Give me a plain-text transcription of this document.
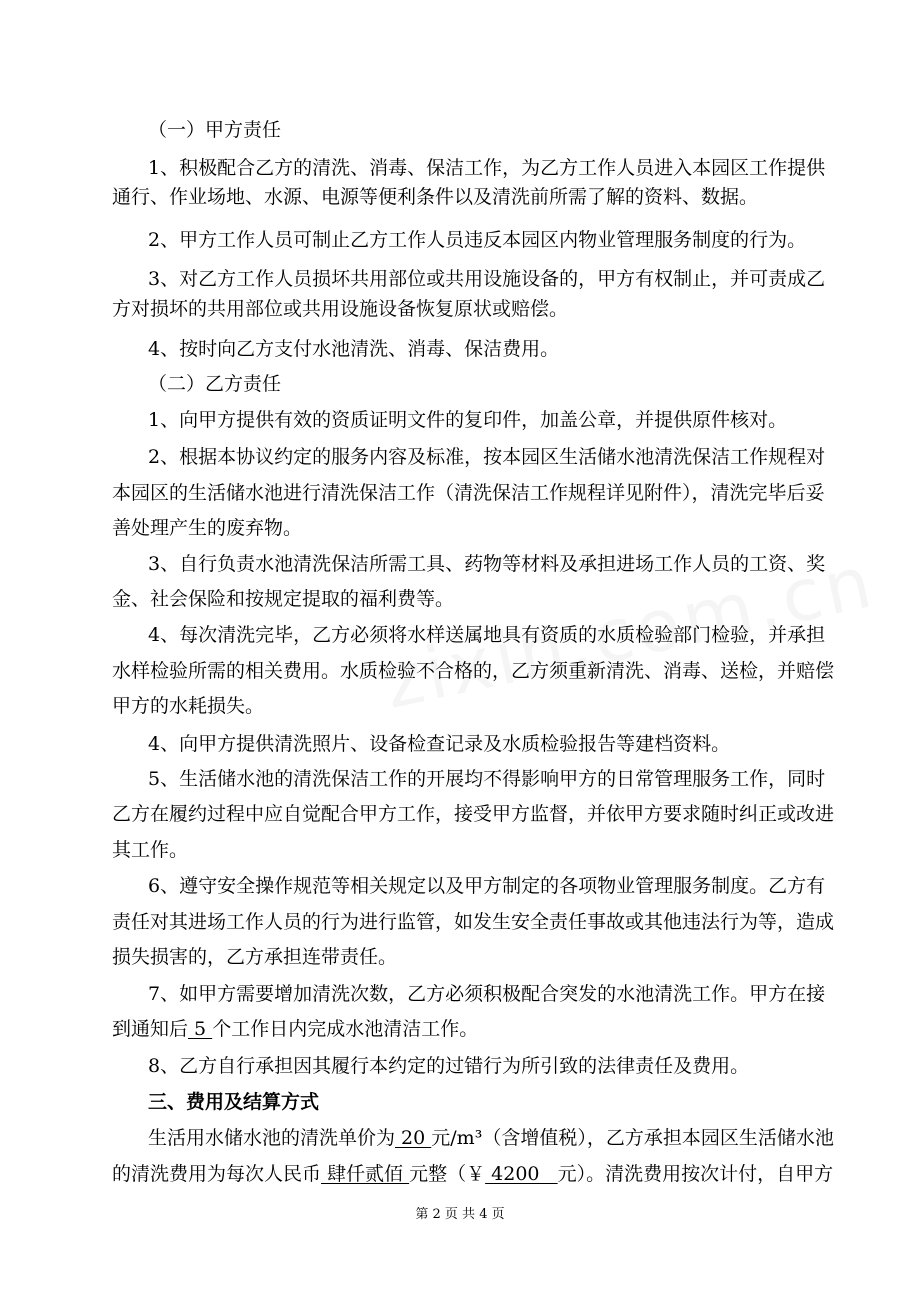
（一）甲方责任

1、积极配合乙方的清洗、消毒、保洁工作，为乙方工作人员进入本园区工作提供

通行、作业场地、水源、电源等便利条件以及清洗前所需了解的资料、数据。

2、甲方工作人员可制止乙方工作人员违反本园区内物业管理服务制度的行为。

3、对乙方工作人员损坏共用部位或共用设施设备的，甲方有权制止，并可责成乙

方对损坏的共用部位或共用设施设备恢复原状或赔偿。

4、按时向乙方支付水池清洗、消毒、保洁费用。

（二）乙方责任

1、向甲方提供有效的资质证明文件的复印件，加盖公章，并提供原件核对。

2、根据本协议约定的服务内容及标准，按本园区生活储水池清洗保洁工作规程对

本园区的生活储水池进行清洗保洁工作（清洗保洁工作规程详见附件），清洗完毕后妥

善处理产生的废弃物。

3、自行负责水池清洗保洁所需工具、药物等材料及承担进场工作人员的工资、奖

金、社会保险和按规定提取的福利费等。

4、每次清洗完毕，乙方必须将水样送属地具有资质的水质检验部门检验，并承担

水样检验所需的相关费用。水质检验不合格的，乙方须重新清洗、消毒、送检，并赔偿

甲方的水耗损失。

4、向甲方提供清洗照片、设备检查记录及水质检验报告等建档资料。

5、生活储水池的清洗保洁工作的开展均不得影响甲方的日常管理服务工作，同时

乙方在履约过程中应自觉配合甲方工作，接受甲方监督，并依甲方要求随时纠正或改进

其工作。

6、遵守安全操作规范等相关规定以及甲方制定的各项物业管理服务制度。乙方有

责任对其进场工作人员的行为进行监管，如发生安全责任事故或其他违法行为等，造成

损失损害的，乙方承担连带责任。

7、如甲方需要增加清洗次数，乙方必须积极配合突发的水池清洗工作。甲方在接

到通知后 5 个工作日内完成水池清洁工作。

8、乙方自行承担因其履行本约定的过错行为所引致的法律责任及费用。

三、费用及结算方式

生活用水储水池的清洗单价为 20 元/m³（含增值税），乙方承担本园区生活储水池

的清洗费用为每次人民币 肆仟贰佰 元整（￥ 4200   元）。清洗费用按次计付，自甲方

第 2 页 共 4 页
